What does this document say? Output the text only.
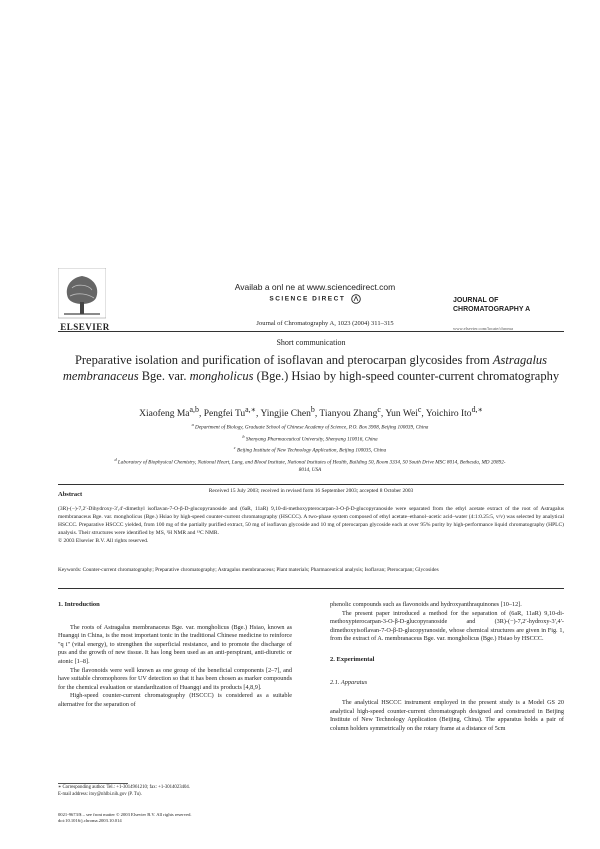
ELSEVIER
Availab a onl ne at www.sciencedirect.com
SCIENCE DIRECT
Journal of Chromatography A, 1023 (2004) 311–315
JOURNAL OF
CHROMATOGRAPHY A
www.elsevier.com/locate/chroma
Short communication
Preparative isolation and purification of isoflavan and pterocarpan glycosides from Astragalus membranaceus Bge. var. mongholicus (Bge.) Hsiao by high-speed counter-current chromatography
Xiaofeng Ma$^{a,b}$, Pengfei $Tu^{a,∗}$, Yingjie Chen$^b$, Tianyou Zhang$^c$, Yun Wei$^c$, Yoichiro Ito$^{d,∗}$
$^a$ Department of Biology, Graduate School of Chinese Academy of Science, P.O. Box 3908, Beijing 100039, China
$^b$ Shenyang Pharmaceutical University, Shenyang 110016, China
$^c$ Beijing Institute of New Technology Application, Beijing 100035, China
$^d$ Laboratory of Biophysical Chemistry, National Heart, Lung, and Blood Institute, National Institutes of Health, Building 50, Room 3334, 50 South Drive MSC 8014, Bethesda, MD 20892-8014, USA
Received 15 July 2003; received in revised form 16 September 2003; accepted 8 October 2003
Abstract
(3R)-(−)-7,2′-Dihydroxy-3′,4′-dimethyl isoflavan-7-O-β-D-glucopyranoside and (6aR, 11aR) 9,10-di-methoxypterocarpan-3-O-β-D-glucopyranoside were separated from the ethyl acetate extract of the root of Astragalus membranaceus Bge. var. mongholicus (Bge.) Hsiao by high-speed counter-current chromatography (HSCCC). A two-phase system composed of ethyl acetate–ethanol–acetic acid–water (4:1:0.25:5, v/v) was selected by analytical HSCCC. Preparative HSCCC yielded, from 100 mg of the partially purified extract, 50 mg of isoflavan glycoside and 10 mg of pterocarpan glycoside each at over 95% purity by high-performance liquid chromatography (HPLC) analysis. Their structures were identified by MS, ¹H NMR and ¹³C NMR.
© 2003 Elsevier B.V. All rights reserved.
Keywords: Counter-current chromatography; Preparative chromatography; Astragalus membranaceus; Plant materials; Pharmaceutical analysis; Isoflavan; Pterocarpan; Glycosides
1. Introduction

The roots of Astragalus membranaceus Bge. var. mongholicus (Bge.) Hsiao, known as Huangqi in China, is the most important tonic in the traditional Chinese medicine to reinforce "q i" (vital energy), to strengthen the superficial resistance, and to promote the discharge of pus and the growth of new tissue. It has long been used as an anti-perspirant, anti-diuretic or atonic [1–8].

The flavonoids were well known as one group of the beneficial components [2–7], and have suitable chromophores for UV detection so that it has been chosen as marker compounds for the chemical evaluation or standardization of Huangqi and its products [4,8,9].

High-speed counter-current chromatography (HSCCC) is considered as a suitable alternative for the separation of

phenolic compounds such as flavonoids and hydroxyanthraquinones [10–12].

The present paper introduced a method for the separation of (6aR, 11aR) 9,10-di-methoxypterocarpan-3-O-β-D-glucopyranoside and (3R)-(−)-7,2′-hydroxy-3′,4′-dimethoxyisoflavan-7-O-β-D-glucopyranoside, whose chemical structures are given in Fig. 1, from the extract of A. membranaceus Bge. var. mongholicus (Bge.) Hsiao by HSCCC.

2. Experimental
2.1. Apparatus

The analytical HSCCC instrument employed in the present study is a Model GS 20 analytical high-speed counter-current chromatograph designed and constructed in Beijing Institute of New Technology Application (Beijing, China). The apparatus holds a pair of column holders symmetrically on the rotary frame at a distance of 5cm

∗ Corresponding author. Tel.: +1-3014961210; fax: +1-3014023404.
E-mail address: itoy@nhlbi.nih.gov (P. Tu).
0021-9673/$ – see front matter © 2003 Elsevier B.V. All rights reserved.
doi:10.1016/j.chroma.2003.10.014
